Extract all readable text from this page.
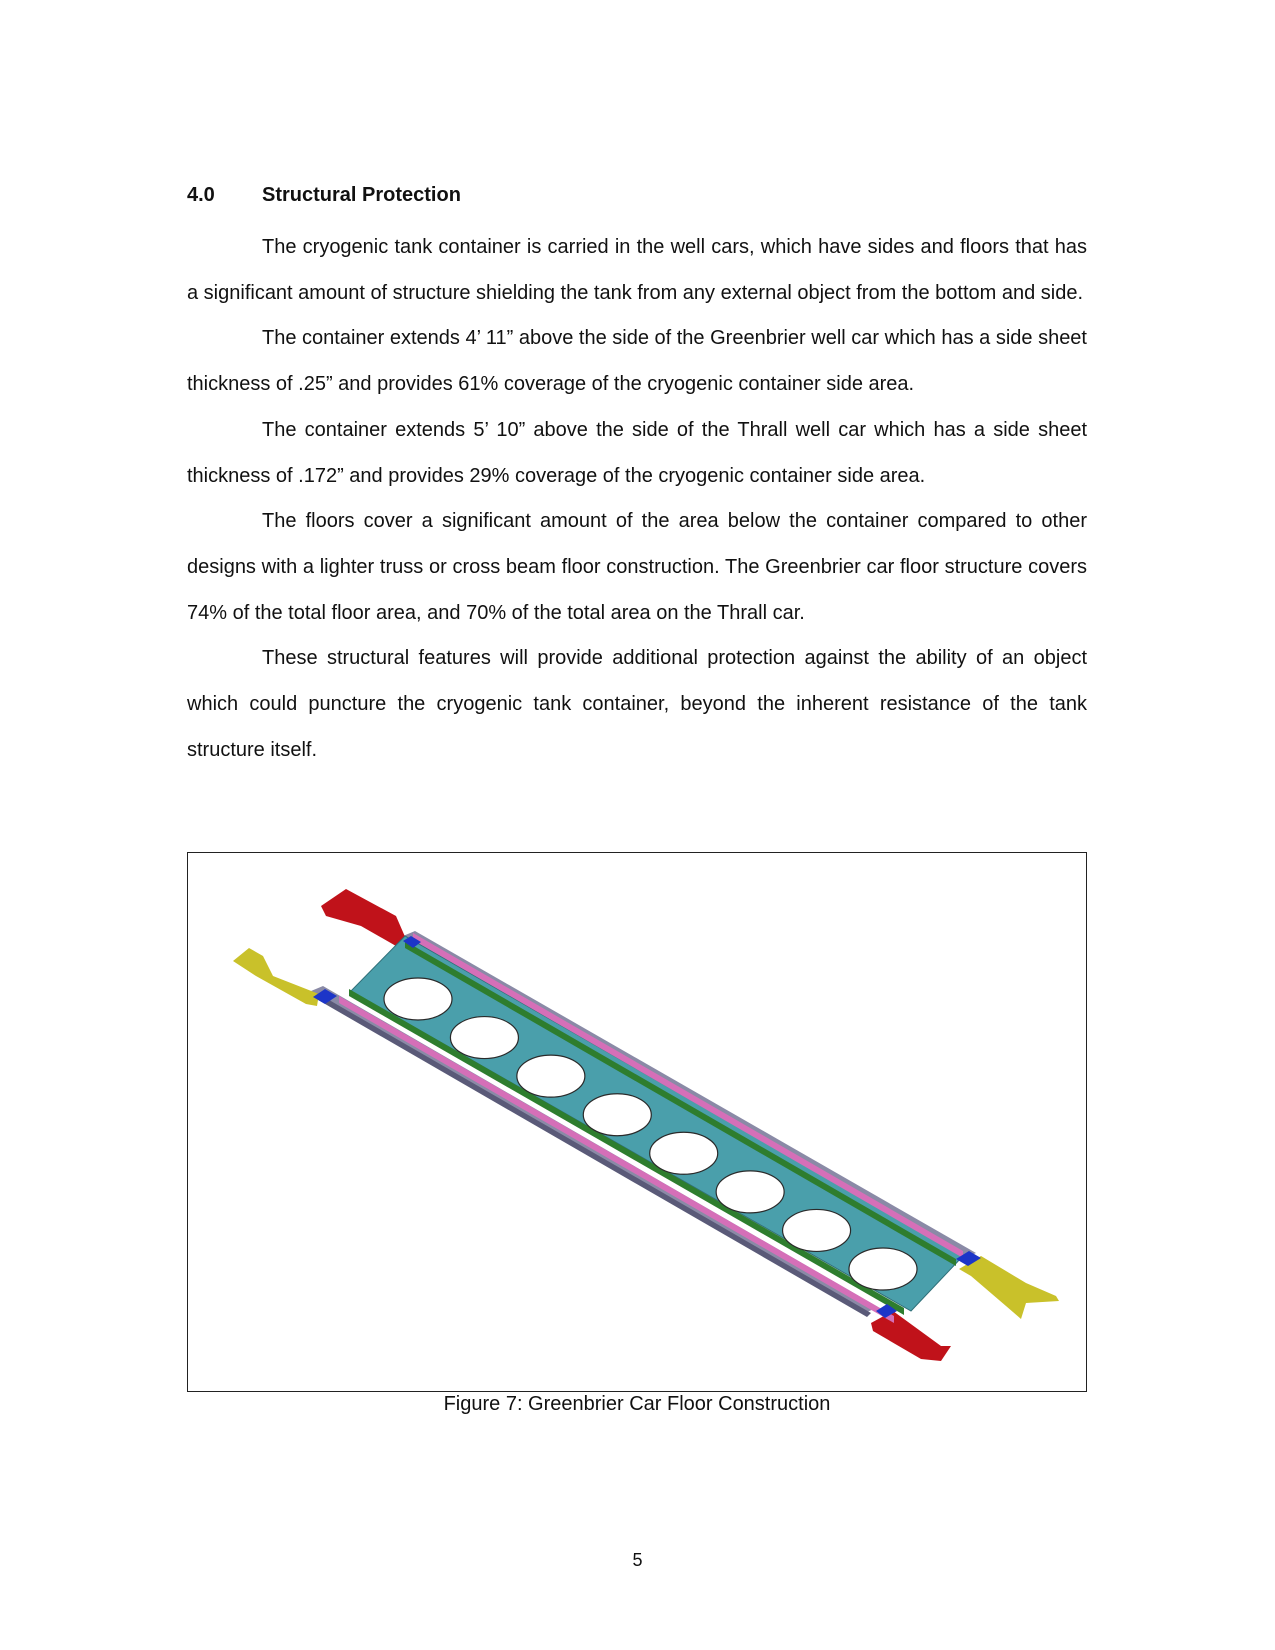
4.0 Structural Protection

The cryogenic tank container is carried in the well cars, which have sides and floors that has a significant amount of structure shielding the tank from any external object from the bottom and side.

The container extends 4’ 11” above the side of the Greenbrier well car which has a side sheet thickness of .25” and provides 61% coverage of the cryogenic container side area.

The container extends 5’ 10” above the side of the Thrall well car which has a side sheet thickness of .172” and provides 29% coverage of the cryogenic container side area.

The floors cover a significant amount of the area below the container compared to other designs with a lighter truss or cross beam floor construction. The Greenbrier car floor structure covers 74% of the total floor area, and 70% of the total area on the Thrall car.

These structural features will provide additional protection against the ability of an object which could puncture the cryogenic tank container, beyond the inherent resistance of the tank structure itself.

Figure 7: Greenbrier Car Floor Construction
5
